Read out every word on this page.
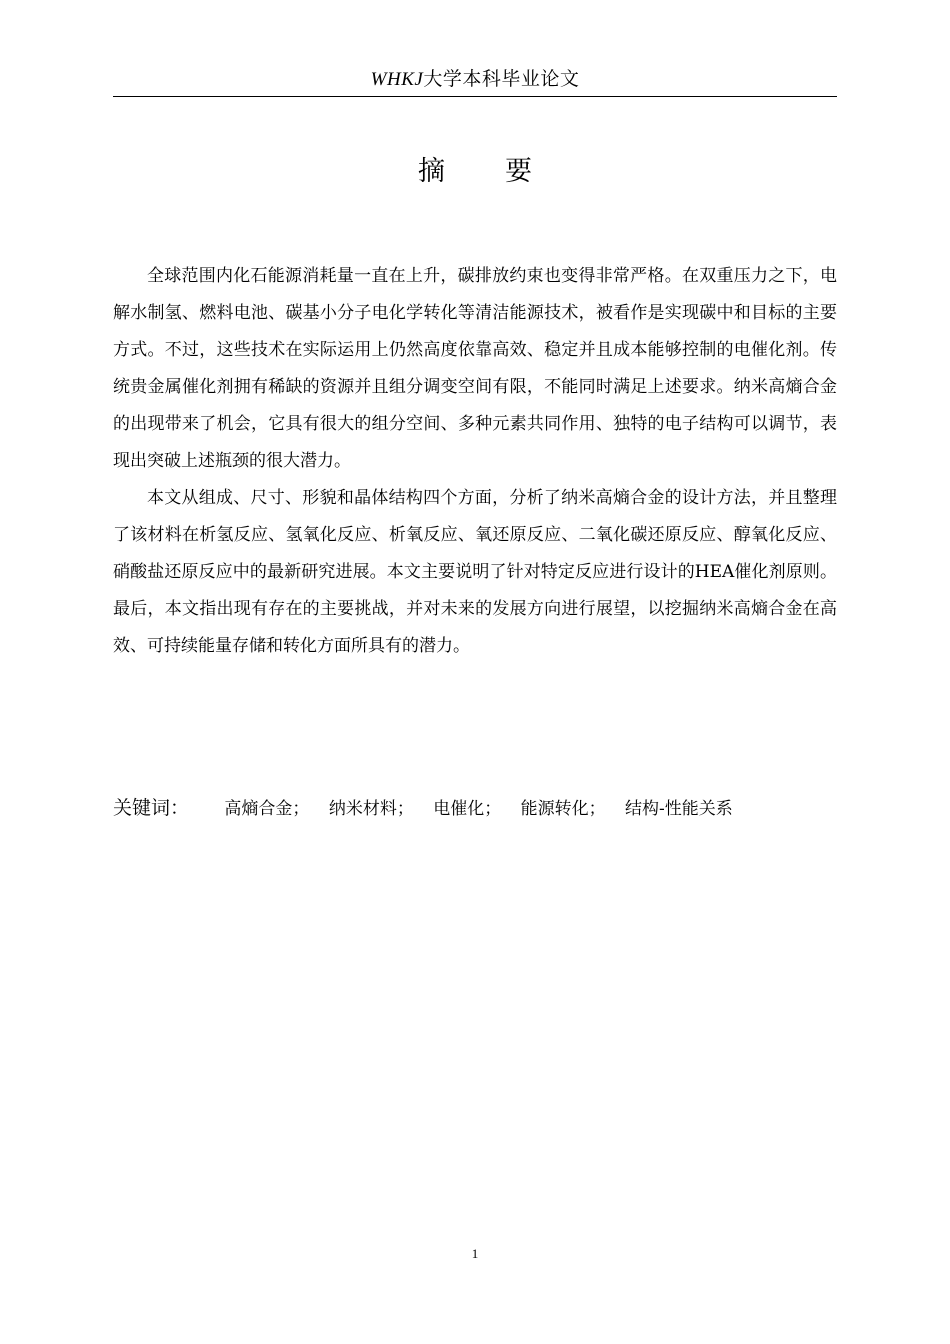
WHKJ大学本科毕业论文
摘要

全球范围内化石能源消耗量一直在上升，碳排放约束也变得非常严格。在双重压力之下，电解水制氢、燃料电池、碳基小分子电化学转化等清洁能源技术，被看作是实现碳中和目标的主要方式。不过，这些技术在实际运用上仍然高度依靠高效、稳定并且成本能够控制的电催化剂。传统贵金属催化剂拥有稀缺的资源并且组分调变空间有限，不能同时满足上述要求。纳米高熵合金的出现带来了机会，它具有很大的组分空间、多种元素共同作用、独特的电子结构可以调节，表现出突破上述瓶颈的很大潜力。

本文从组成、尺寸、形貌和晶体结构四个方面，分析了纳米高熵合金的设计方法，并且整理了该材料在析氢反应、氢氧化反应、析氧反应、氧还原反应、二氧化碳还原反应、醇氧化反应、硝酸盐还原反应中的最新研究进展。本文主要说明了针对特定反应进行设计的HEA催化剂原则。最后，本文指出现有存在的主要挑战，并对未来的发展方向进行展望，以挖掘纳米高熵合金在高效、可持续能量存储和转化方面所具有的潜力。

关键词： 高熵合金； 纳米材料； 电催化； 能源转化； 结构-性能关系
1
